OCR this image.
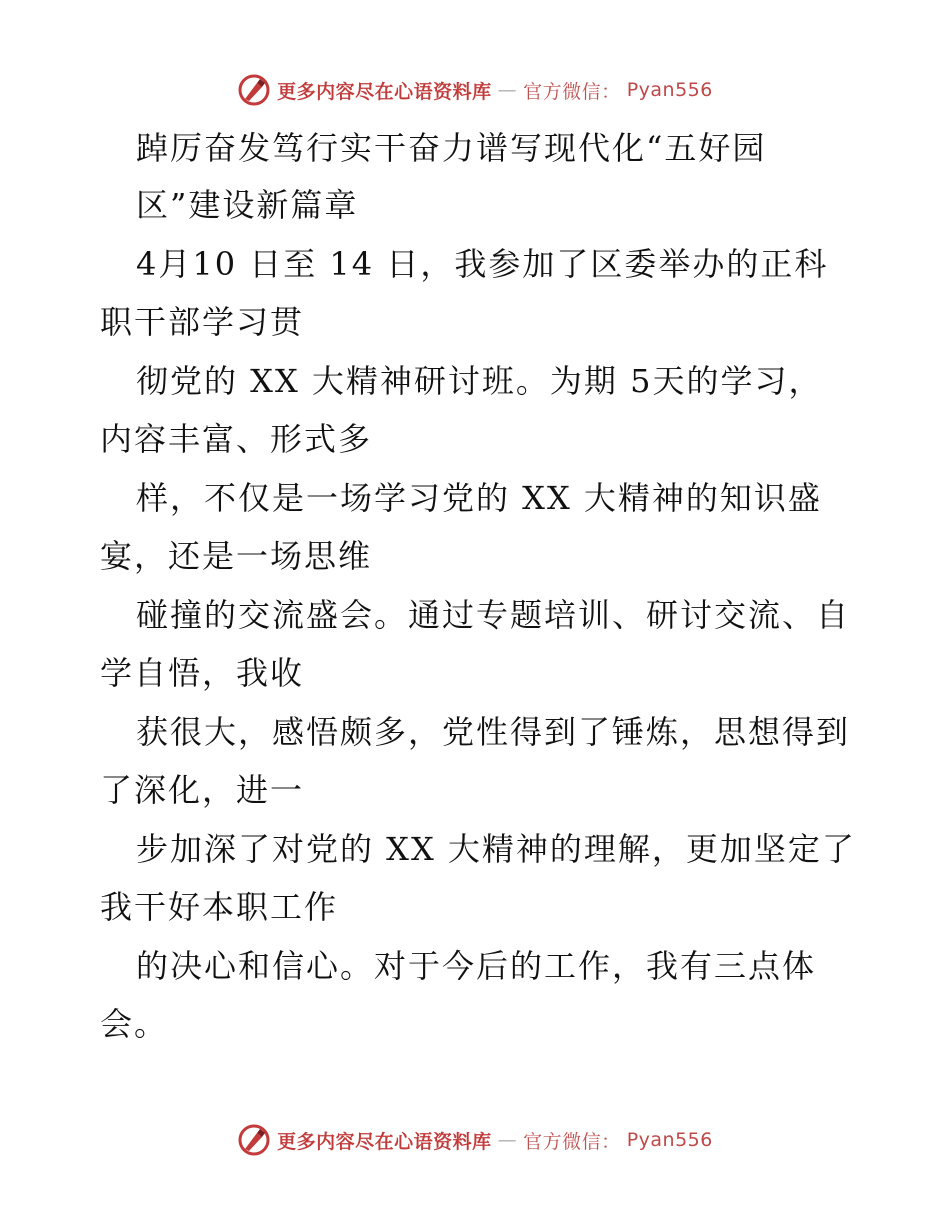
更多内容尽在心语资料库 — 官方微信： Pyan556
踔厉奋发笃行实干奋力谱写现代化“五好园
区”建设新篇章
4月10 日至 14 日，我参加了区委举办的正科
职干部学习贯
彻党的 XX 大精神研讨班。为期 5天的学习，
内容丰富、形式多
样，不仅是一场学习党的 XX 大精神的知识盛
宴，还是一场思维
碰撞的交流盛会。通过专题培训、研讨交流、自
学自悟，我收
获很大，感悟颇多，党性得到了锤炼，思想得到
了深化，进一
步加深了对党的 XX 大精神的理解，更加坚定了
我干好本职工作
的决心和信心。对于今后的工作，我有三点体
会。
更多内容尽在心语资料库 — 官方微信： Pyan556
